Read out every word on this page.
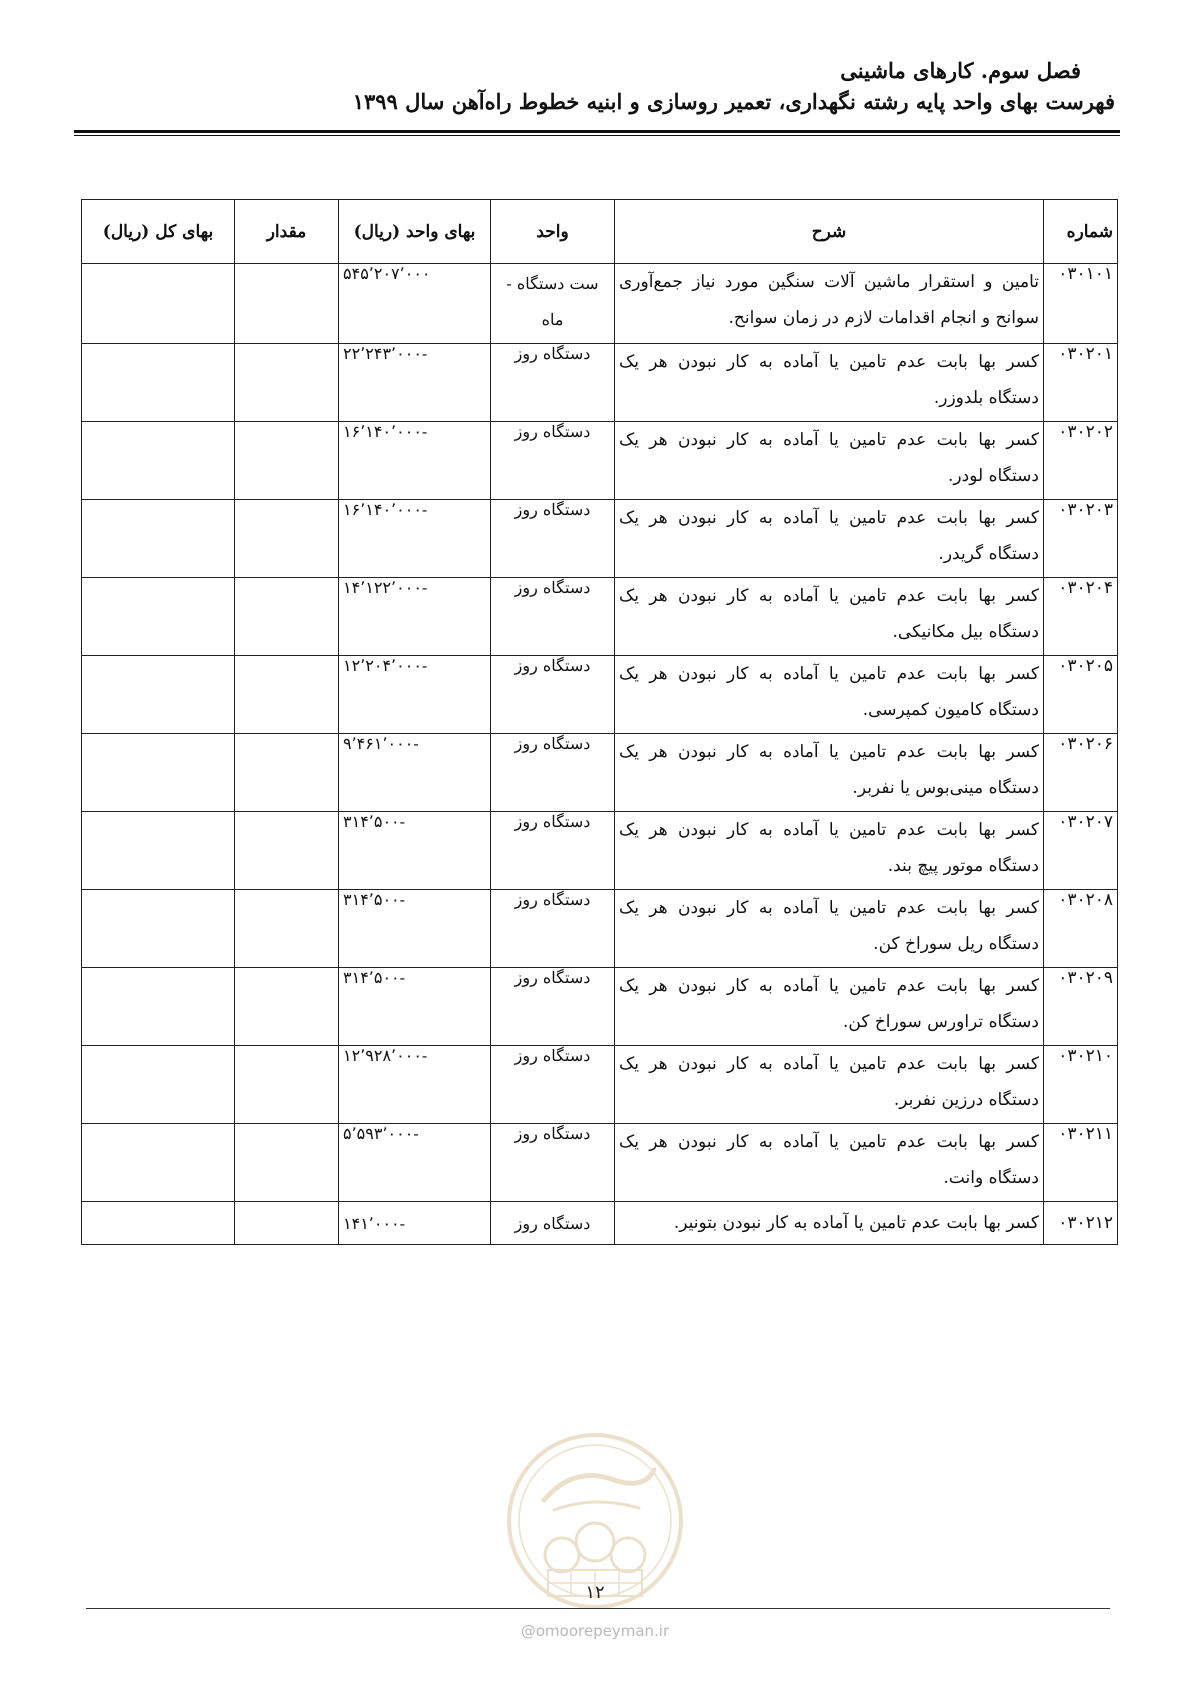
فصل سوم. کارهای ماشینی
فهرست بهای واحد پایه رشته نگهداری، تعمیر روسازی و ابنیه خطوط راه‌آهن سال ۱۳۹۹
شماره	شرح	واحد	بهای واحد (ریال)	مقدار	بهای کل (ریال)
۰۳۰۱۰۱	تامین و استقرار ماشین آلات سنگین مورد نیاز جمع‌آوری سوانح و انجام اقدامات لازم در زمان سوانح.	ست دستگاه - ماه	۵۴۵٬۲۰۷٬۰۰۰		
۰۳۰۲۰۱	کسر بها بابت عدم تامین یا آماده به کار نبودن هر یک دستگاه بلدوزر.	دستگاه روز	-۲۲٬۲۴۳٬۰۰۰		
۰۳۰۲۰۲	کسر بها بابت عدم تامین یا آماده به کار نبودن هر یک دستگاه لودر.	دستگاه روز	-۱۶٬۱۴۰٬۰۰۰		
۰۳۰۲۰۳	کسر بها بابت عدم تامین یا آماده به کار نبودن هر یک دستگاه گریدر.	دستگاه روز	-۱۶٬۱۴۰٬۰۰۰		
۰۳۰۲۰۴	کسر بها بابت عدم تامین یا آماده به کار نبودن هر یک دستگاه بیل مکانیکی.	دستگاه روز	-۱۴٬۱۲۲٬۰۰۰		
۰۳۰۲۰۵	کسر بها بابت عدم تامین یا آماده به کار نبودن هر یک دستگاه کامیون کمپرسی.	دستگاه روز	-۱۲٬۲۰۴٬۰۰۰		
۰۳۰۲۰۶	کسر بها بابت عدم تامین یا آماده به کار نبودن هر یک دستگاه مینی‌بوس یا نفربر.	دستگاه روز	-۹٬۴۶۱٬۰۰۰		
۰۳۰۲۰۷	کسر بها بابت عدم تامین یا آماده به کار نبودن هر یک دستگاه موتور پیچ بند.	دستگاه روز	-۳۱۴٬۵۰۰		
۰۳۰۲۰۸	کسر بها بابت عدم تامین یا آماده به کار نبودن هر یک دستگاه ریل سوراخ کن.	دستگاه روز	-۳۱۴٬۵۰۰		
۰۳۰۲۰۹	کسر بها بابت عدم تامین یا آماده به کار نبودن هر یک دستگاه تراورس سوراخ کن.	دستگاه روز	-۳۱۴٬۵۰۰		
۰۳۰۲۱۰	کسر بها بابت عدم تامین یا آماده به کار نبودن هر یک دستگاه درزین نفربر.	دستگاه روز	-۱۲٬۹۲۸٬۰۰۰		
۰۳۰۲۱۱	کسر بها بابت عدم تامین یا آماده به کار نبودن هر یک دستگاه وانت.	دستگاه روز	-۵٬۵۹۳٬۰۰۰		
۰۳۰۲۱۲	کسر بها بابت عدم تامین یا آماده به کار نبودن بتونیر.	دستگاه روز	-۱۴۱٬۰۰۰		
۱۲
@omoorepeyman.ir
